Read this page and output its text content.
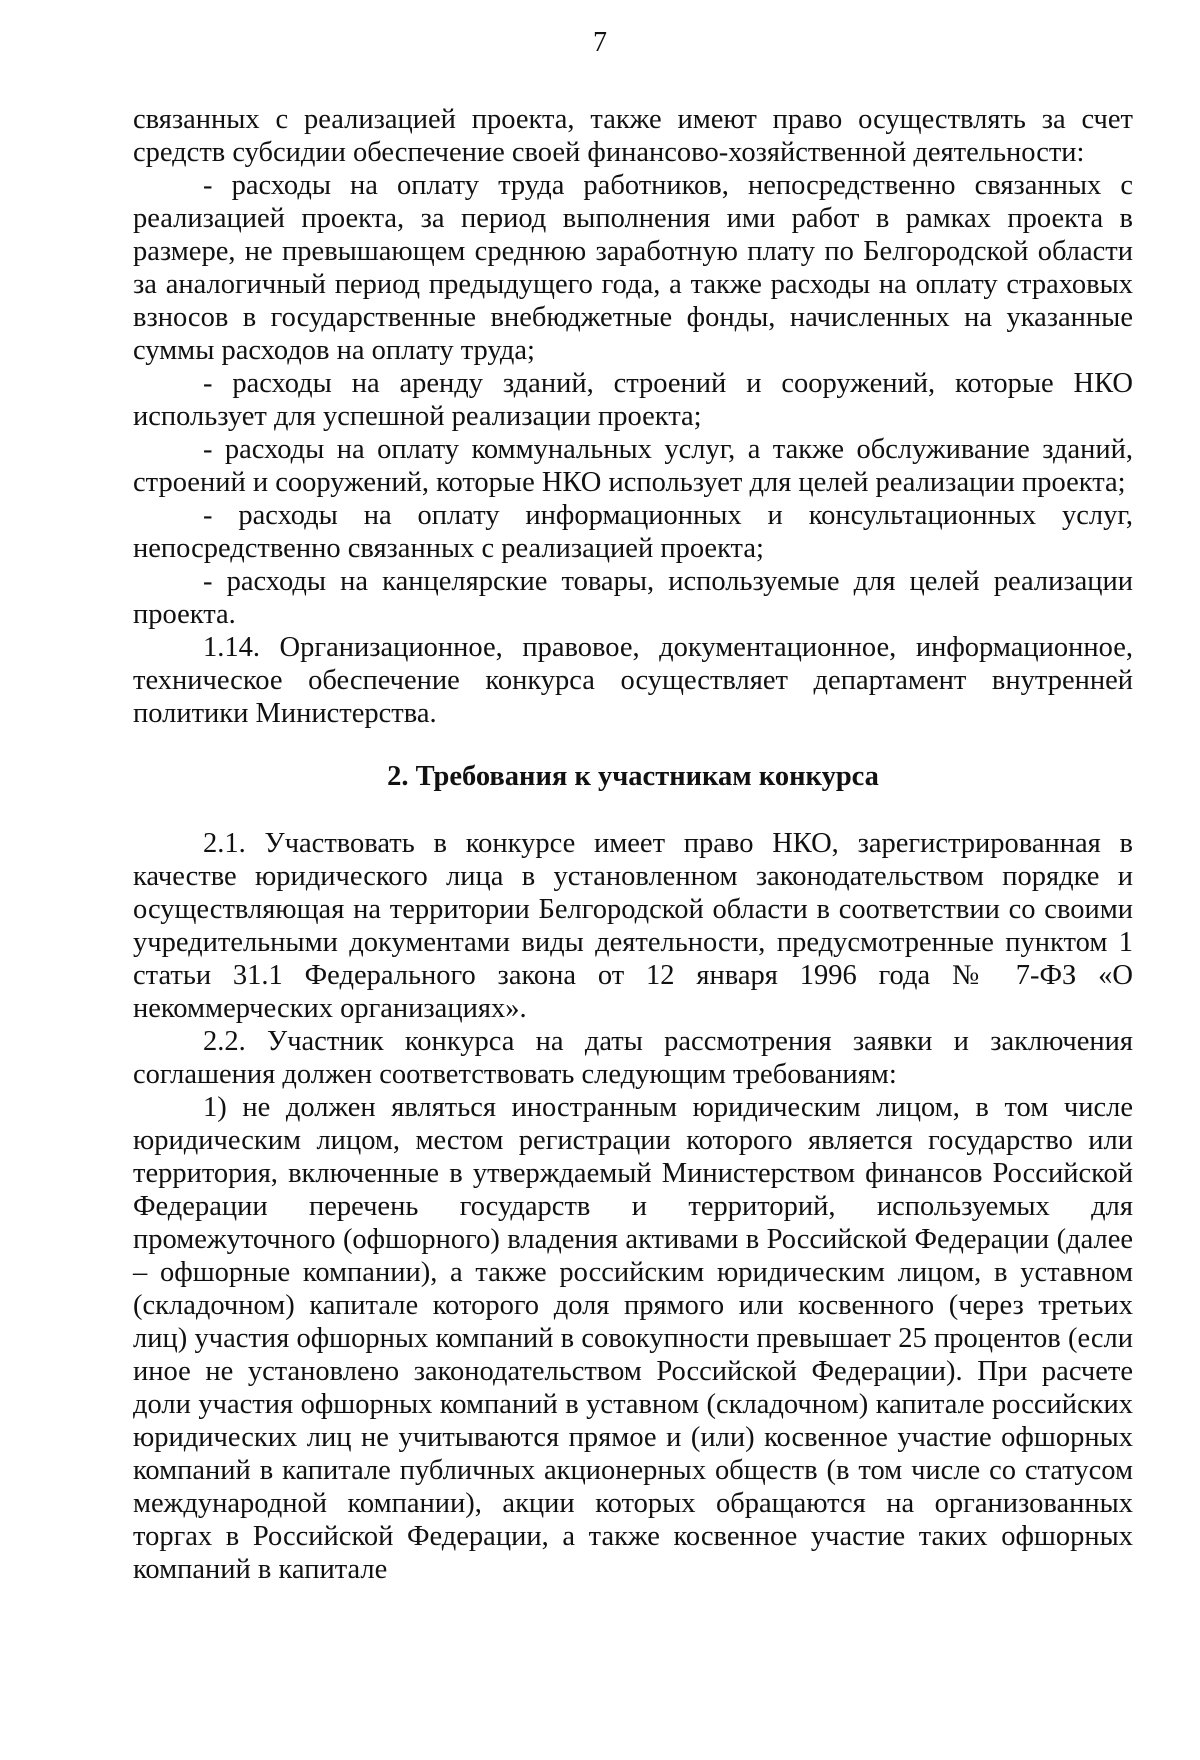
7

связанных с реализацией проекта, также имеют право осуществлять за счет средств субсидии обеспечение своей финансово-хозяйственной деятельности:

- расходы на оплату труда работников, непосредственно связанных с реализацией проекта, за период выполнения ими работ в рамках проекта в размере, не превышающем среднюю заработную плату по Белгородской области за аналогичный период предыдущего года, а также расходы на оплату страховых взносов в государственные внебюджетные фонды, начисленных на указанные суммы расходов на оплату труда;

- расходы на аренду зданий, строений и сооружений, которые НКО использует для успешной реализации проекта;

- расходы на оплату коммунальных услуг, а также обслуживание зданий, строений и сооружений, которые НКО использует для целей реализации проекта;

- расходы на оплату информационных и консультационных услуг, непосредственно связанных с реализацией проекта;

- расходы на канцелярские товары, используемые для целей реализации проекта.

1.14. Организационное, правовое, документационное, информационное, техническое обеспечение конкурса осуществляет департамент внутренней политики Министерства.

2. Требования к участникам конкурса

2.1. Участвовать в конкурсе имеет право НКО, зарегистрированная в качестве юридического лица в установленном законодательством порядке и осуществляющая на территории Белгородской области в соответствии со своими учредительными документами виды деятельности, предусмотренные пунктом 1 статьи 31.1 Федерального закона от 12 января 1996 года № 7-ФЗ «О некоммерческих организациях».

2.2. Участник конкурса на даты рассмотрения заявки и заключения соглашения должен соответствовать следующим требованиям:

1) не должен являться иностранным юридическим лицом, в том числе юридическим лицом, местом регистрации которого является государство или территория, включенные в утверждаемый Министерством финансов Российской Федерации перечень государств и территорий, используемых для промежуточного (офшорного) владения активами в Российской Федерации (далее – офшорные компании), а также российским юридическим лицом, в уставном (складочном) капитале которого доля прямого или косвенного (через третьих лиц) участия офшорных компаний в совокупности превышает 25 процентов (если иное не установлено законодательством Российской Федерации). При расчете доли участия офшорных компаний в уставном (складочном) капитале российских юридических лиц не учитываются прямое и (или) косвенное участие офшорных компаний в капитале публичных акционерных обществ (в том числе со статусом международной компании), акции которых обращаются на организованных торгах в Российской Федерации, а также косвенное участие таких офшорных компаний в капитале
